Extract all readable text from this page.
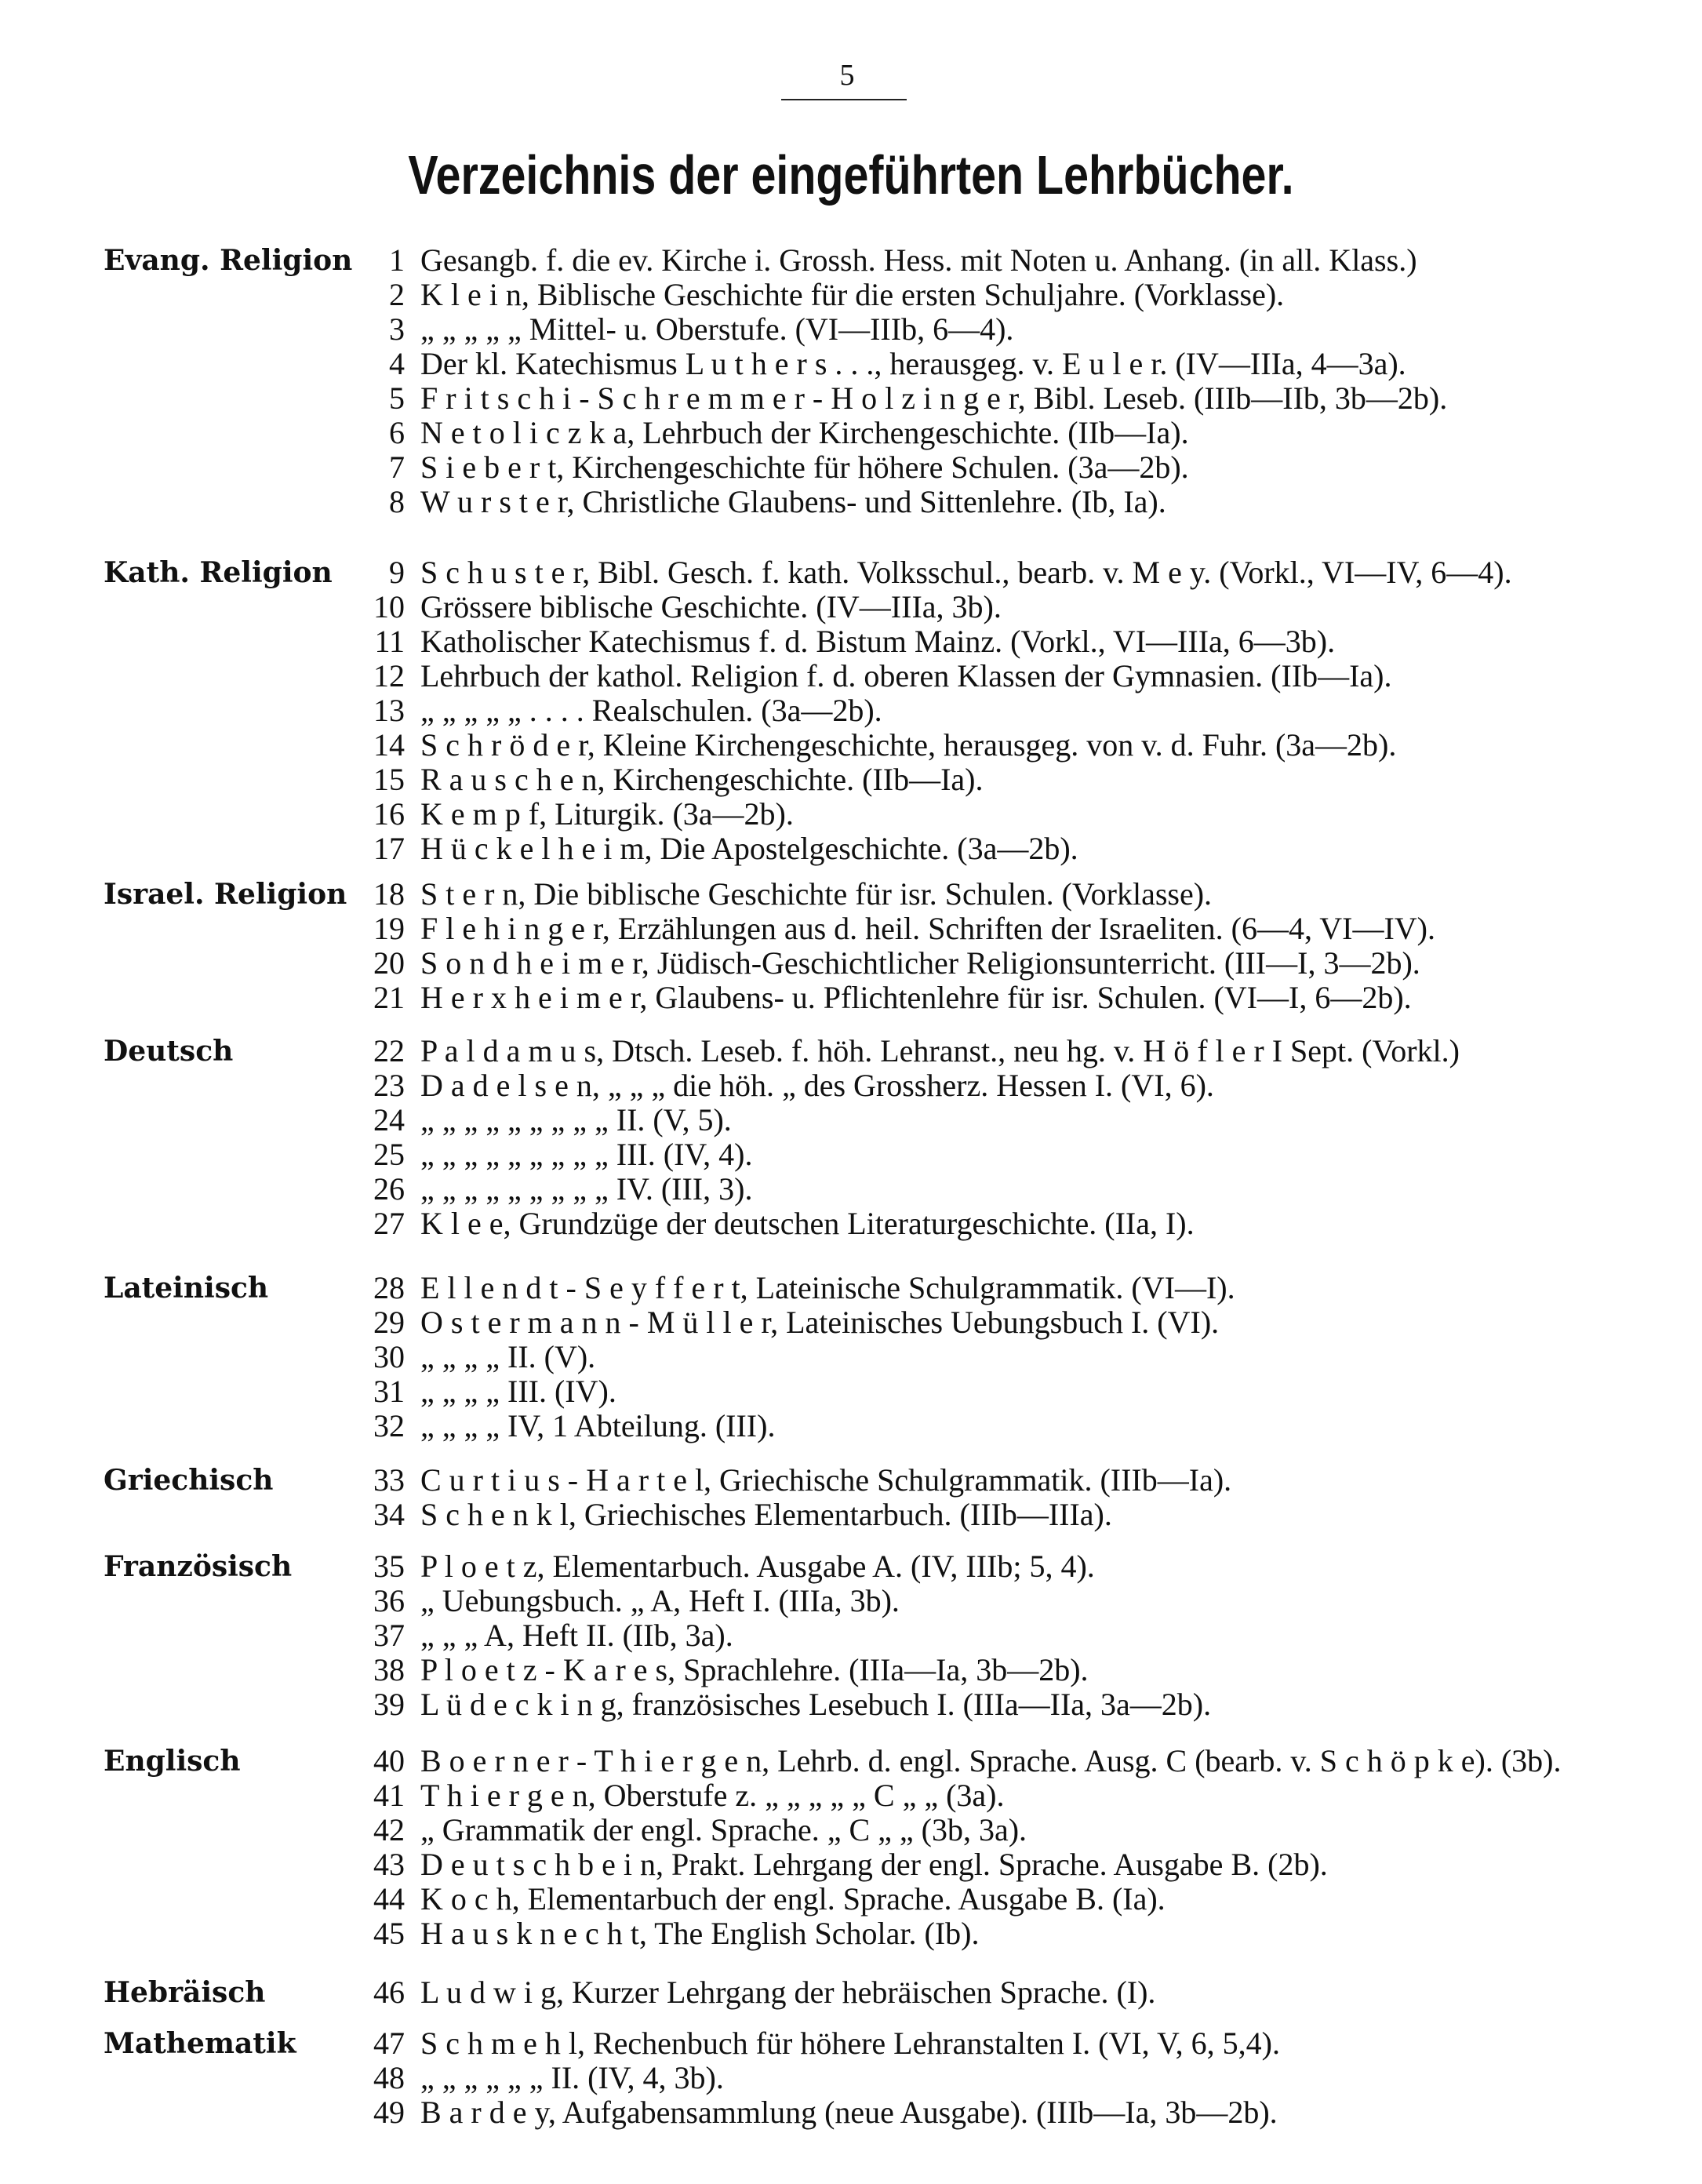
5
Verzeichnis der eingeführten Lehrbücher.
Evang. Religion	1 Gesangb. f. die ev. Kirche i. Grossh. Hess. mit Noten u. Anhang. (in all. Klass.)
2 K l e i n, Biblische Geschichte für die ersten Schuljahre. (Vorklasse).
3 „ „ „ „ „ Mittel- u. Oberstufe. (VI—IIIb, 6—4).
4 Der kl. Katechismus L u t h e r s . . ., herausgeg. v. E u l e r. (IV—IIIa, 4—3a).
5 F r i t s c h i - S c h r e m m e r - H o l z i n g e r, Bibl. Leseb. (IIIb—IIb, 3b—2b).
6 N e t o l i c z k a, Lehrbuch der Kirchengeschichte. (IIb—Ia).
7 S i e b e r t, Kirchengeschichte für höhere Schulen. (3a—2b).
8 W u r s t e r, Christliche Glaubens- und Sittenlehre. (Ib, Ia).
Kath. Religion	9 S c h u s t e r, Bibl. Gesch. f. kath. Volksschul., bearb. v. M e y. (Vorkl., VI—IV, 6—4).
10 Grössere biblische Geschichte. (IV—IIIa, 3b).
11 Katholischer Katechismus f. d. Bistum Mainz. (Vorkl., VI—IIIa, 6—3b).
12 Lehrbuch der kathol. Religion f. d. oberen Klassen der Gymnasien. (IIb—Ia).
13 „ „ „ „ „ . . . . Realschulen. (3a—2b).
14 S c h r ö d e r, Kleine Kirchengeschichte, herausgeg. von v. d. Fuhr. (3a—2b).
15 R a u s c h e n, Kirchengeschichte. (IIb—Ia).
16 K e m p f, Liturgik. (3a—2b).
17 H ü c k e l h e i m, Die Apostelgeschichte. (3a—2b).
Israel. Religion 18 S t e r n, Die biblische Geschichte für isr. Schulen. (Vorklasse).
19 F l e h i n g e r, Erzählungen aus d. heil. Schriften der Israeliten. (6—4, VI—IV).
20 S o n d h e i m e r, Jüdisch-Geschichtlicher Religionsunterricht. (III—I, 3—2b).
21 H e r x h e i m e r, Glaubens- u. Pflichtenlehre für isr. Schulen. (VI—I, 6—2b).
Deutsch	22 P a l d a m u s, Dtsch. Leseb. f. höh. Lehranst., neu hg. v. H ö f l e r I Sept. (Vorkl.)
23 D a d e l s e n, „ „ „ die höh. „ des Grossherz. Hessen I. (VI, 6).
24 „ „ „ „ „ „ „ „ „ II. (V, 5).
25 „ „ „ „ „ „ „ „ „ III. (IV, 4).
26 „ „ „ „ „ „ „ „ „ IV. (III, 3).
27 K l e e, Grundzüge der deutschen Literaturgeschichte. (IIa, I).
Lateinisch	28 E l l e n d t - S e y f f e r t, Lateinische Schulgrammatik. (VI—I).
29 O s t e r m a n n - M ü l l e r, Lateinisches Uebungsbuch I. (VI).
30 „ „ „ „ II. (V).
31 „ „ „ „ III. (IV).
32 „ „ „ „ IV, 1 Abteilung. (III).
Griechisch	33 C u r t i u s - H a r t e l, Griechische Schulgrammatik. (IIIb—Ia).
34 S c h e n k l, Griechisches Elementarbuch. (IIIb—IIIa).
Französisch	35 P l o e t z, Elementarbuch. Ausgabe A. (IV, IIIb; 5, 4).
36 „ Uebungsbuch. „ A, Heft I. (IIIa, 3b).
37 „ „ „ A, Heft II. (IIb, 3a).
38 P l o e t z - K a r e s, Sprachlehre. (IIIa—Ia, 3b—2b).
39 L ü d e c k i n g, französisches Lesebuch I. (IIIa—IIa, 3a—2b).
Englisch	40 B o e r n e r - T h i e r g e n, Lehrb. d. engl. Sprache. Ausg. C (bearb. v. S c h ö p k e). (3b).
41 T h i e r g e n, Oberstufe z. „ „ „ „ „ C „ „ (3a).
42 „ Grammatik der engl. Sprache. „ C „ „ (3b, 3a).
43 D e u t s c h b e i n, Prakt. Lehrgang der engl. Sprache. Ausgabe B. (2b).
44 K o c h, Elementarbuch der engl. Sprache. Ausgabe B. (Ia).
45 H a u s k n e c h t, The English Scholar. (Ib).
Hebräisch	46 L u d w i g, Kurzer Lehrgang der hebräischen Sprache. (I).
Mathematik	47 S c h m e h l, Rechenbuch für höhere Lehranstalten I. (VI, V, 6, 5,4).
48 „ „ „ „ „ „ II. (IV, 4, 3b).
49 B a r d e y, Aufgabensammlung (neue Ausgabe). (IIIb—Ia, 3b—2b).
